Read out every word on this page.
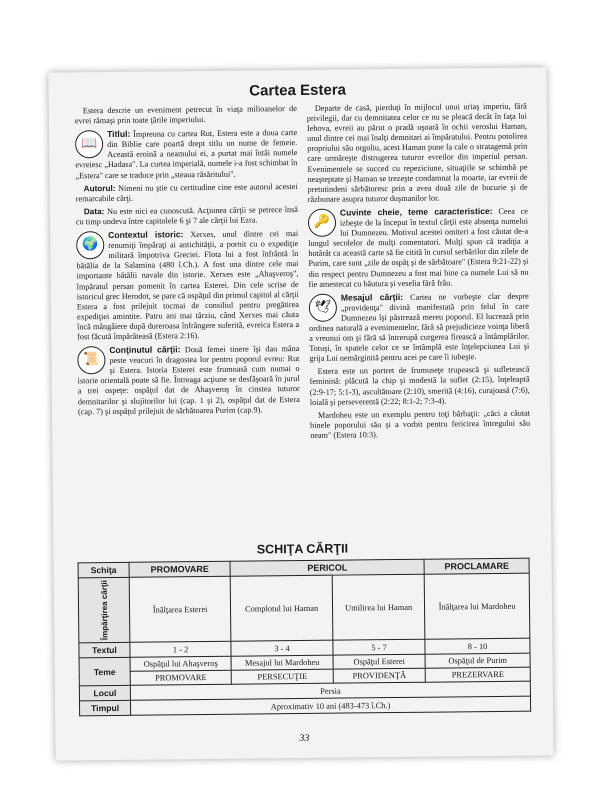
Cartea Estera

Estera descrie un eveniment petrecut în viaţa milioanelor de evrei rămaşi prin toate ţările imperiului.

📖
Titlul: Împreuna cu cartea Rut, Estera este a doua carte din Biblie care poartă drept titlu un nume de femeie. Această eroină a neamului ei, a purtat mai întâi numele evreiesc „Hadasa". La curtea imperială, numele i-a fost schimbat în „Estera" care se traduce prin „steaua răsăritului".

Autorul: Nimeni nu ştie cu certitudine cine este autorul acestei remarcabile cărţi.

Data: Nu este nici ea cunoscută. Acţiunea cărţii se petrece însă cu timp undeva între capitolele 6 şi 7 ale cărţii lui Ezra.

🌍
Contextul istoric: Xerxes, unul dintre cei mai renumiţi împăraţi ai antichităţii, a pornit cu o expediţie militară împotriva Greciei. Flota lui a fost înfrântă în bătălia de la Salamina (480 î.Ch.). A fost una dintre cele mai importante bătălii navale din istorie. Xerxes este „Ahaşveroş", împăratul persan pomenit în cartea Esterei. Din cele scrise de istoricul grec Herodot, se pare că ospăţul din primul capitol al cărţii Estera a fost prilejuit tocmai de consiliul pentru pregătirea expediţiei amintite. Patru ani mai târziu, când Xerxes mai căuta încă mângâiere după dureroasa înfrângere suferită, evreica Estera a fost făcută împărăteasă (Estera 2:16).
📜
Conţinutul cărţii: Două femei tinere îşi dau mâna peste veacuri în dragostea lor pentru poporul evreu: Rut şi Estera. Istoria Esterei este frumoasă cum numai o istorie orientală poate să fie. Întreaga acţiune se desfăşoară în jurul a trei ospeţe: ospăţul dat de Ahaşveroş în cinstea tuturor demnitarilor şi slujitorilor lui (cap. 1 şi 2), ospăţul dat de Estera (cap. 7) şi ospăţul prilejuit de sărbătoarea Purim (cap.9).

Departe de casă, pierduţi în mijlocul unui uriaş imperiu, fără privilegii, dar cu demnitatea celor ce nu se pleacă decât în faţa lui Iehova, evreii au părut o pradă uşoară în ochii veroslui Haman, unul dintre cei mai înalţi demnitari ai împăratului. Pentru potolirea propriului său orgoliu, acest Haman pune la cale o stratagemă prin care urmăreşte distrugerea tuturor evreilor din imperiul persan. Evenimentele se succed cu repeziciune, situaţiile se schimbă pe neaşteptate şi Haman se trezeşte condamnat la moarte, iar evreii de pretutindeni sărbătoresc prin a avea doaă zile de bucurie şi de răzbunare asupra tuturor duşmanilor lor.

🔑
Cuvinte cheie, teme caracteristice: Ceea ce izbeşte de la început în textul cărţii este absenţa numelui lui Dumnezeu. Motivul acestei omiteri a fost căutat de-a lungul secolelor de mulţi comentatori. Mulţi spun că tradiţia a hotărât ca această carte să fie citită în cursul serbărilor din zilele de Purim, care sunt „zile de ospăţ şi de sărbătoare" (Estera 9:21-22) şi din respect pentru Dumnezeu a fost mai bine ca numele Lui să nu fie amestecat cu băutura şi veselia fără frâu.
🕊
Mesajul cărţii: Cartea ne vorbeşte clar despre „providenţa" divină manifestată prin felul în care Dumnezeu îşi păstrează mereu poporul. El lucrează prin ordinea naturală a evenimentelor, fără să prejudicieze voinţa liberă a vreunui om şi fără să întrerupă curgerea firească a întâmplărilor. Totuşi, în spatele celor ce se întâmplă este înţelepciunea Lui şi grija Lui nemărginită pentru acei pe care îi iubeşte.

Estera este un portret de frumuseţe trupească şi sufletească feminină: plăcută la chip şi modestă la suflet (2:15), înţeleaptă (2:9-17; 5:1-3), ascultătoare (2:10), smerită (4:16), curajoasă (7:6), loială şi perseverentă (2:22; 8:1-2; 7:3-4).

Mardoheu este un exemplu pentru toţi bărbaţii: „căci a căutat binele poporului său şi a vorbit pentru fericirea întregului său neam" (Estera 10:3).

SCHIŢA CĂRŢII
Schiţa	PROMOVARE	PERICOL		PROCLAMARE

Împărţirea cărţii	Înălţarea Esterei	Complotul lui Haman	Umilirea lui Haman	Înălţarea lui Mardoheu
Textul	1 - 2	3 - 4	5 - 7	8 - 10
Teme	Ospăţul lui Ahaşveroş	Mesajul lui Mardoheu	Ospăţul Esterei	Ospăţul de Purim
	PROMOVARE	PERSECUŢIE	PROVIDENŢĂ	PREZERVARE
Locul	Persia			
Timpul	Aproximativ 10 ani (483-473 î.Ch.)			
33
